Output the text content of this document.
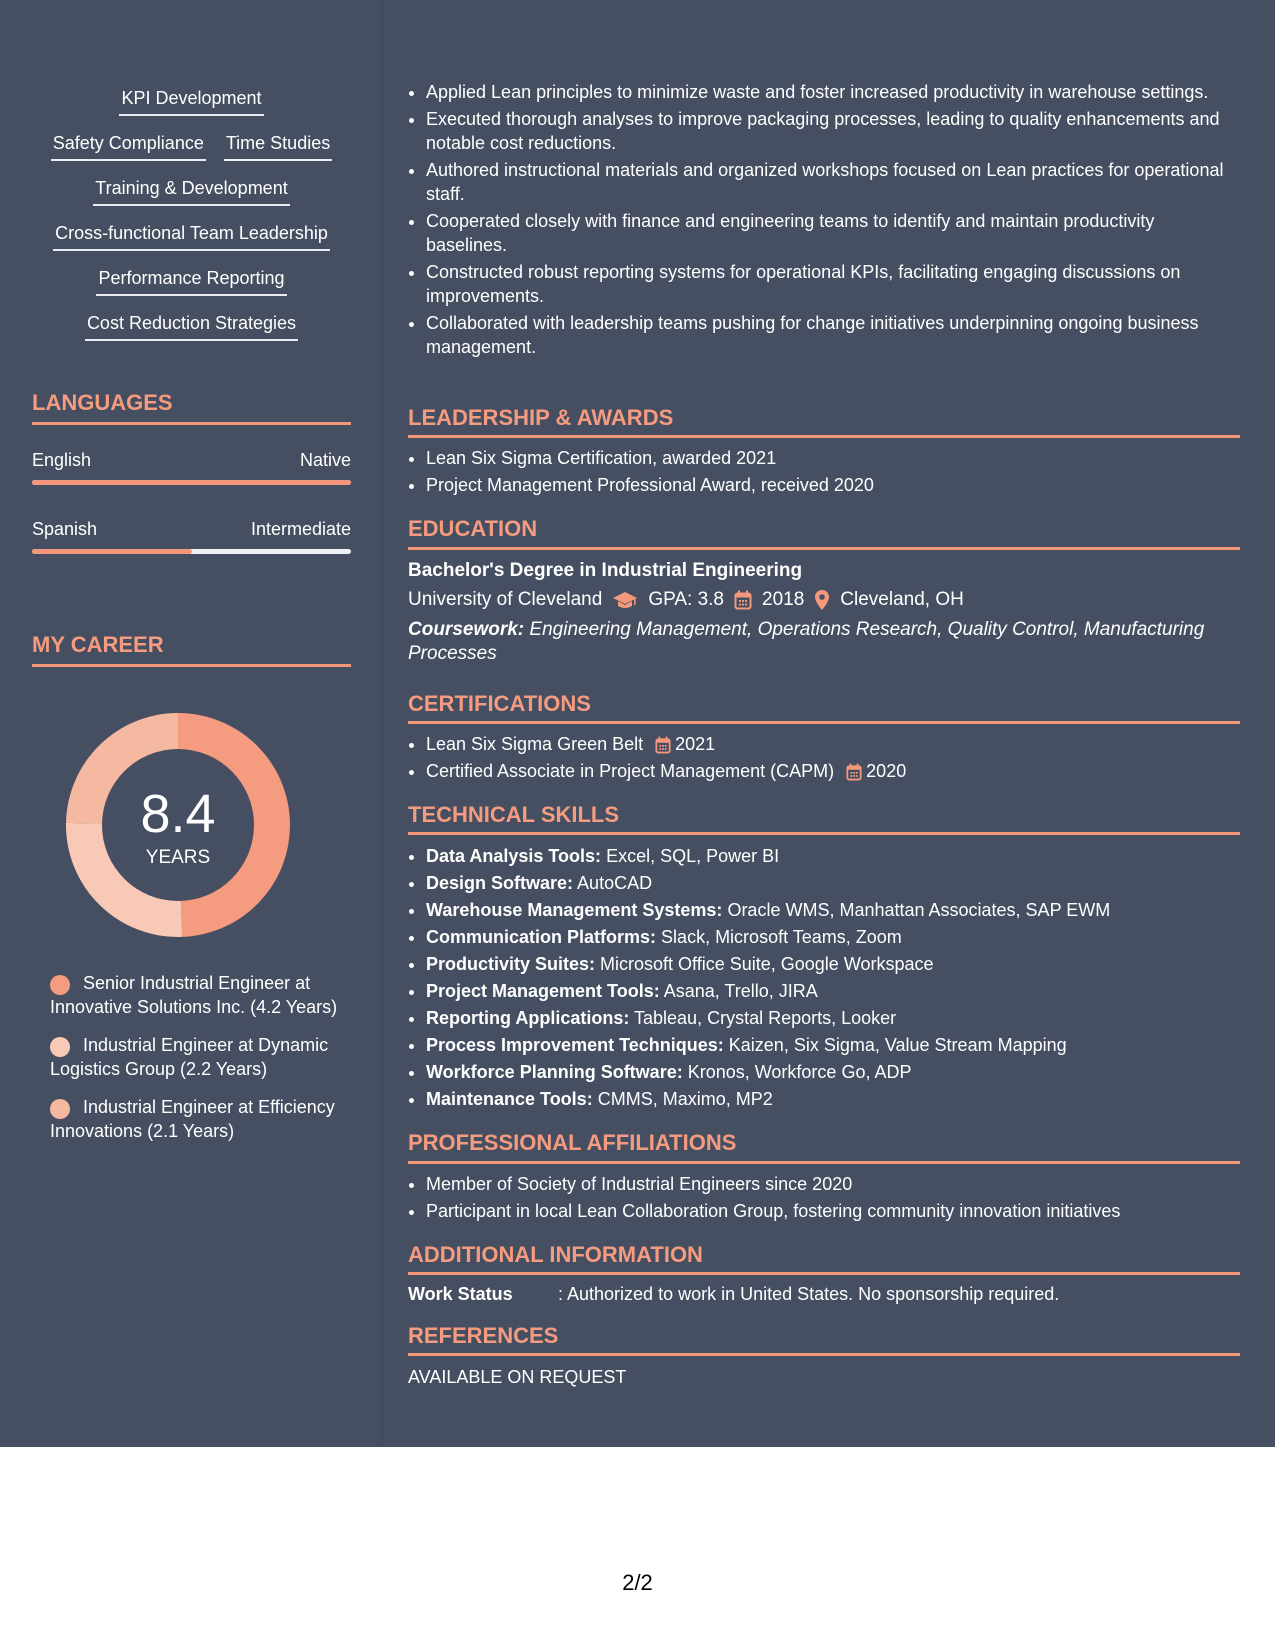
KPI Development
Safety Compliance Time Studies
Training & Development
Cross-functional Team Leadership
Performance Reporting
Cost Reduction Strategies
LANGUAGES
English	Native
Spanish	Intermediate
MY CAREER
8.4
YEARS
Senior Industrial Engineer at Innovative Solutions Inc. (4.2 Years)
Industrial Engineer at Dynamic Logistics Group (2.2 Years)
Industrial Engineer at Efficiency Innovations (2.1 Years)
• Applied Lean principles to minimize waste and foster increased productivity in warehouse settings.
• Executed thorough analyses to improve packaging processes, leading to quality enhancements and notable cost reductions.
• Authored instructional materials and organized workshops focused on Lean practices for operational staff.
• Cooperated closely with finance and engineering teams to identify and maintain productivity baselines.
• Constructed robust reporting systems for operational KPIs, facilitating engaging discussions on improvements.
• Collaborated with leadership teams pushing for change initiatives underpinning ongoing business management.
LEADERSHIP & AWARDS
• Lean Six Sigma Certification, awarded 2021
• Project Management Professional Award, received 2020
EDUCATION
Bachelor's Degree in Industrial Engineering
University of Cleveland GPA: 3.8 2018 Cleveland, OH
Coursework: Engineering Management, Operations Research, Quality Control, Manufacturing Processes
CERTIFICATIONS
• Lean Six Sigma Green Belt 2021
• Certified Associate in Project Management (CAPM) 2020
TECHNICAL SKILLS
• Data Analysis Tools: Excel, SQL, Power BI
• Design Software: AutoCAD
• Warehouse Management Systems: Oracle WMS, Manhattan Associates, SAP EWM
• Communication Platforms: Slack, Microsoft Teams, Zoom
• Productivity Suites: Microsoft Office Suite, Google Workspace
• Project Management Tools: Asana, Trello, JIRA
• Reporting Applications: Tableau, Crystal Reports, Looker
• Process Improvement Techniques: Kaizen, Six Sigma, Value Stream Mapping
• Workforce Planning Software: Kronos, Workforce Go, ADP
• Maintenance Tools: CMMS, Maximo, MP2
PROFESSIONAL AFFILIATIONS
• Member of Society of Industrial Engineers since 2020
• Participant in local Lean Collaboration Group, fostering community innovation initiatives
ADDITIONAL INFORMATION
Work Status	: Authorized to work in United States. No sponsorship required.
REFERENCES
AVAILABLE ON REQUEST
2/2
